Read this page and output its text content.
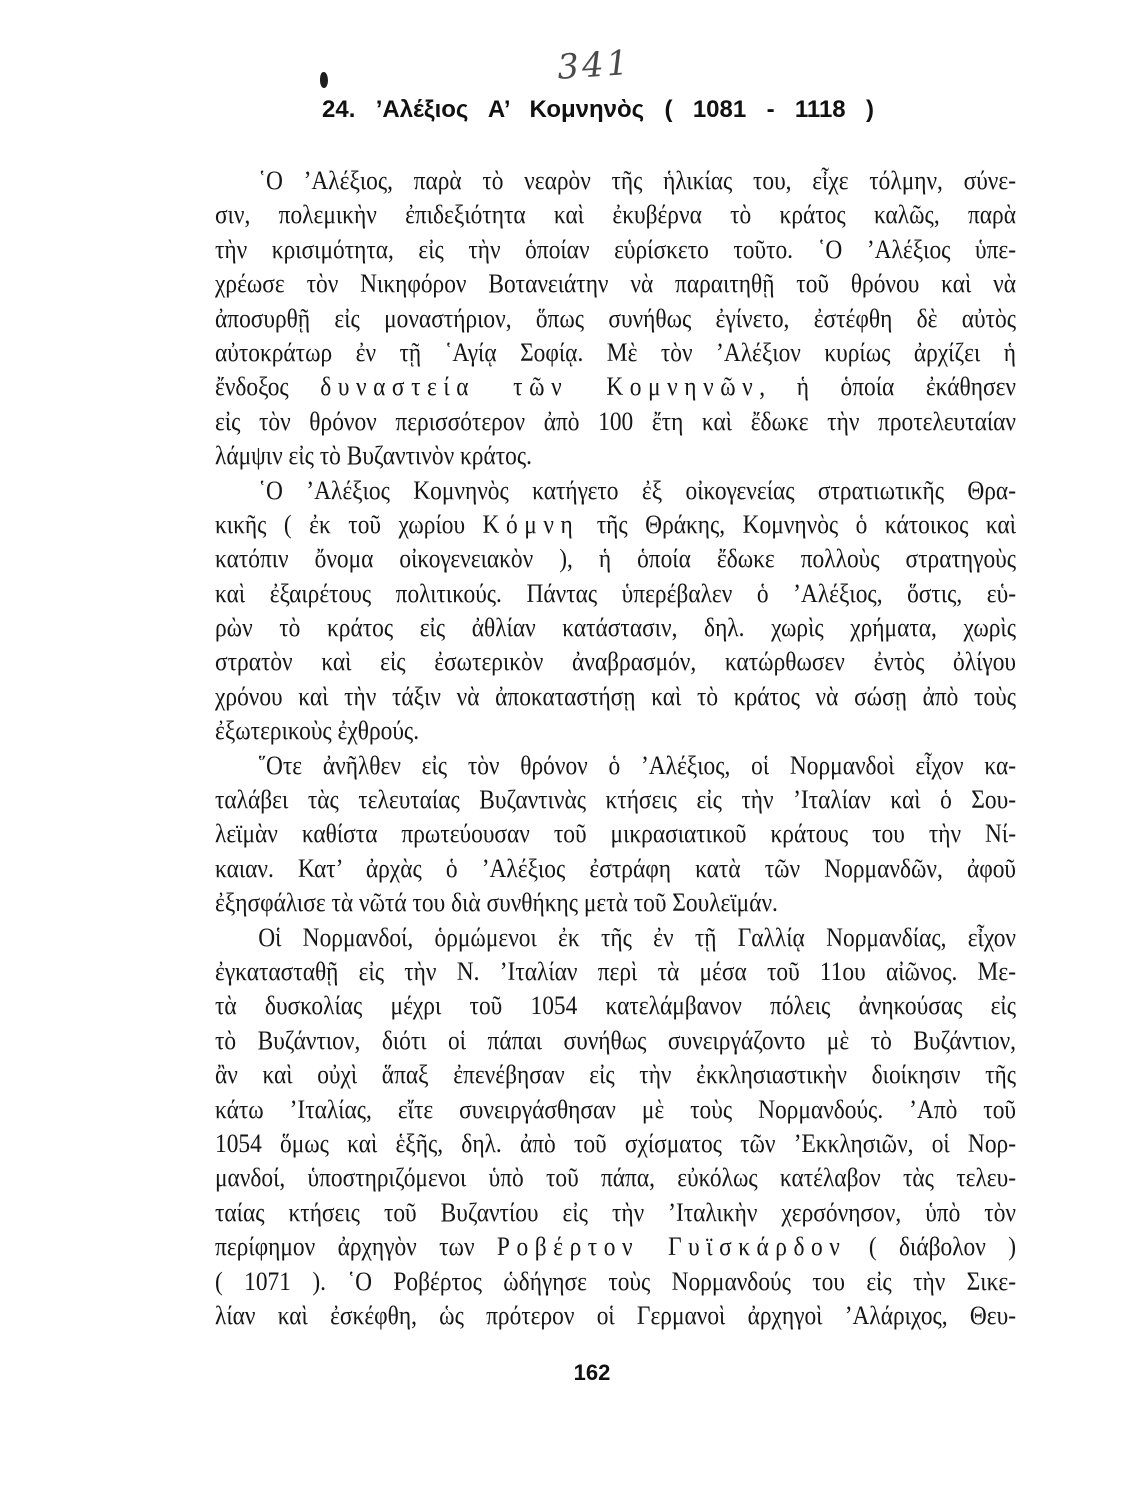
341
24. ’Αλέξιος Α’ Κομνηνὸς ( 1081 - 1118 )
῾Ο ’Αλέξιος, παρὰ τὸ νεαρὸν τῆς ἡλικίας του, εἶχε τόλμην, σύνε-
σιν, πολεμικὴν ἐπιδεξιότητα καὶ ἐκυβέρνα τὸ κράτος καλῶς, παρὰ
τὴν κρισιμότητα, εἰς τὴν ὁποίαν εὑρίσκετο τοῦτο. ῾Ο ’Αλέξιος ὑπε-
χρέωσε τὸν Νικηφόρον Βοτανειάτην νὰ παραιτηθῇ τοῦ θρόνου καὶ νὰ
ἀποσυρθῇ εἰς μοναστήριον, ὅπως συνήθως ἐγίνετο, ἐστέφθη δὲ αὐτὸς
αὐτοκράτωρ ἐν τῇ ῾Αγίᾳ Σοφίᾳ. Μὲ τὸν ’Αλέξιον κυρίως ἀρχίζει ἡ
ἔνδοξος δυναστεία τῶν Κομνηνῶν, ἡ ὁποία ἐκάθησεν
εἰς τὸν θρόνον περισσότερον ἀπὸ 100 ἔτη καὶ ἔδωκε τὴν προτελευταίαν
λάμψιν εἰς τὸ Βυζαντινὸν κράτος.
῾Ο ’Αλέξιος Κομνηνὸς κατήγετο ἐξ οἰκογενείας στρατιωτικῆς Θρα-
κικῆς ( ἐκ τοῦ χωρίου Κόμνη τῆς Θράκης, Κομνηνὸς ὁ κάτοικος καὶ
κατόπιν ὄνομα οἰκογενειακὸν ), ἡ ὁποία ἔδωκε πολλοὺς στρατηγοὺς
καὶ ἐξαιρέτους πολιτικούς. Πάντας ὑπερέβαλεν ὁ ’Αλέξιος, ὅστις, εὑ-
ρὼν τὸ κράτος εἰς ἀθλίαν κατάστασιν, δηλ. χωρὶς χρήματα, χωρὶς
στρατὸν καὶ εἰς ἐσωτερικὸν ἀναβρασμόν, κατώρθωσεν ἐντὸς ὀλίγου
χρόνου καὶ τὴν τάξιν νὰ ἀποκαταστήσῃ καὶ τὸ κράτος νὰ σώσῃ ἀπὸ τοὺς
ἐξωτερικοὺς ἐχθρούς.
῞Οτε ἀνῆλθεν εἰς τὸν θρόνον ὁ ’Αλέξιος, οἱ Νορμανδοὶ εἶχον κα-
ταλάβει τὰς τελευταίας Βυζαντινὰς κτήσεις εἰς τὴν ’Ιταλίαν καὶ ὁ Σου-
λεϊμὰν καθίστα πρωτεύουσαν τοῦ μικρασιατικοῦ κράτους του τὴν Νί-
καιαν. Κατ’ ἀρχὰς ὁ ’Αλέξιος ἐστράφη κατὰ τῶν Νορμανδῶν, ἀφοῦ
ἐξησφάλισε τὰ νῶτά του διὰ συνθήκης μετὰ τοῦ Σουλεϊμάν.
Οἱ Νορμανδοί, ὁρμώμενοι ἐκ τῆς ἐν τῇ Γαλλίᾳ Νορμανδίας, εἶχον
ἐγκατασταθῇ εἰς τὴν Ν. ’Ιταλίαν περὶ τὰ μέσα τοῦ 11ου αἰῶνος. Με-
τὰ δυσκολίας μέχρι τοῦ 1054 κατελάμβανον πόλεις ἀνηκούσας εἰς
τὸ Βυζάντιον, διότι οἱ πάπαι συνήθως συνειργάζοντο μὲ τὸ Βυζάντιον,
ἂν καὶ οὐχὶ ἅπαξ ἐπενέβησαν εἰς τὴν ἐκκλησιαστικὴν διοίκησιν τῆς
κάτω ’Ιταλίας, εἴτε συνειργάσθησαν μὲ τοὺς Νορμανδούς. ’Απὸ τοῦ
1054 ὅμως καὶ ἑξῆς, δηλ. ἀπὸ τοῦ σχίσματος τῶν ’Εκκλησιῶν, οἱ Νορ-
μανδοί, ὑποστηριζόμενοι ὑπὸ τοῦ πάπα, εὐκόλως κατέλαβον τὰς τελευ-
ταίας κτήσεις τοῦ Βυζαντίου εἰς τὴν ’Ιταλικὴν χερσόνησον, ὑπὸ τὸν
περίφημον ἀρχηγὸν των Ροβέρτον Γυϊσκάρδον ( διάβολον )
( 1071 ). ῾Ο Ροβέρτος ὡδήγησε τοὺς Νορμανδούς του εἰς τὴν Σικε-
λίαν καὶ ἐσκέφθη, ὡς πρότερον οἱ Γερμανοὶ ἀρχηγοὶ ’Αλάριχος, Θευ-
162
